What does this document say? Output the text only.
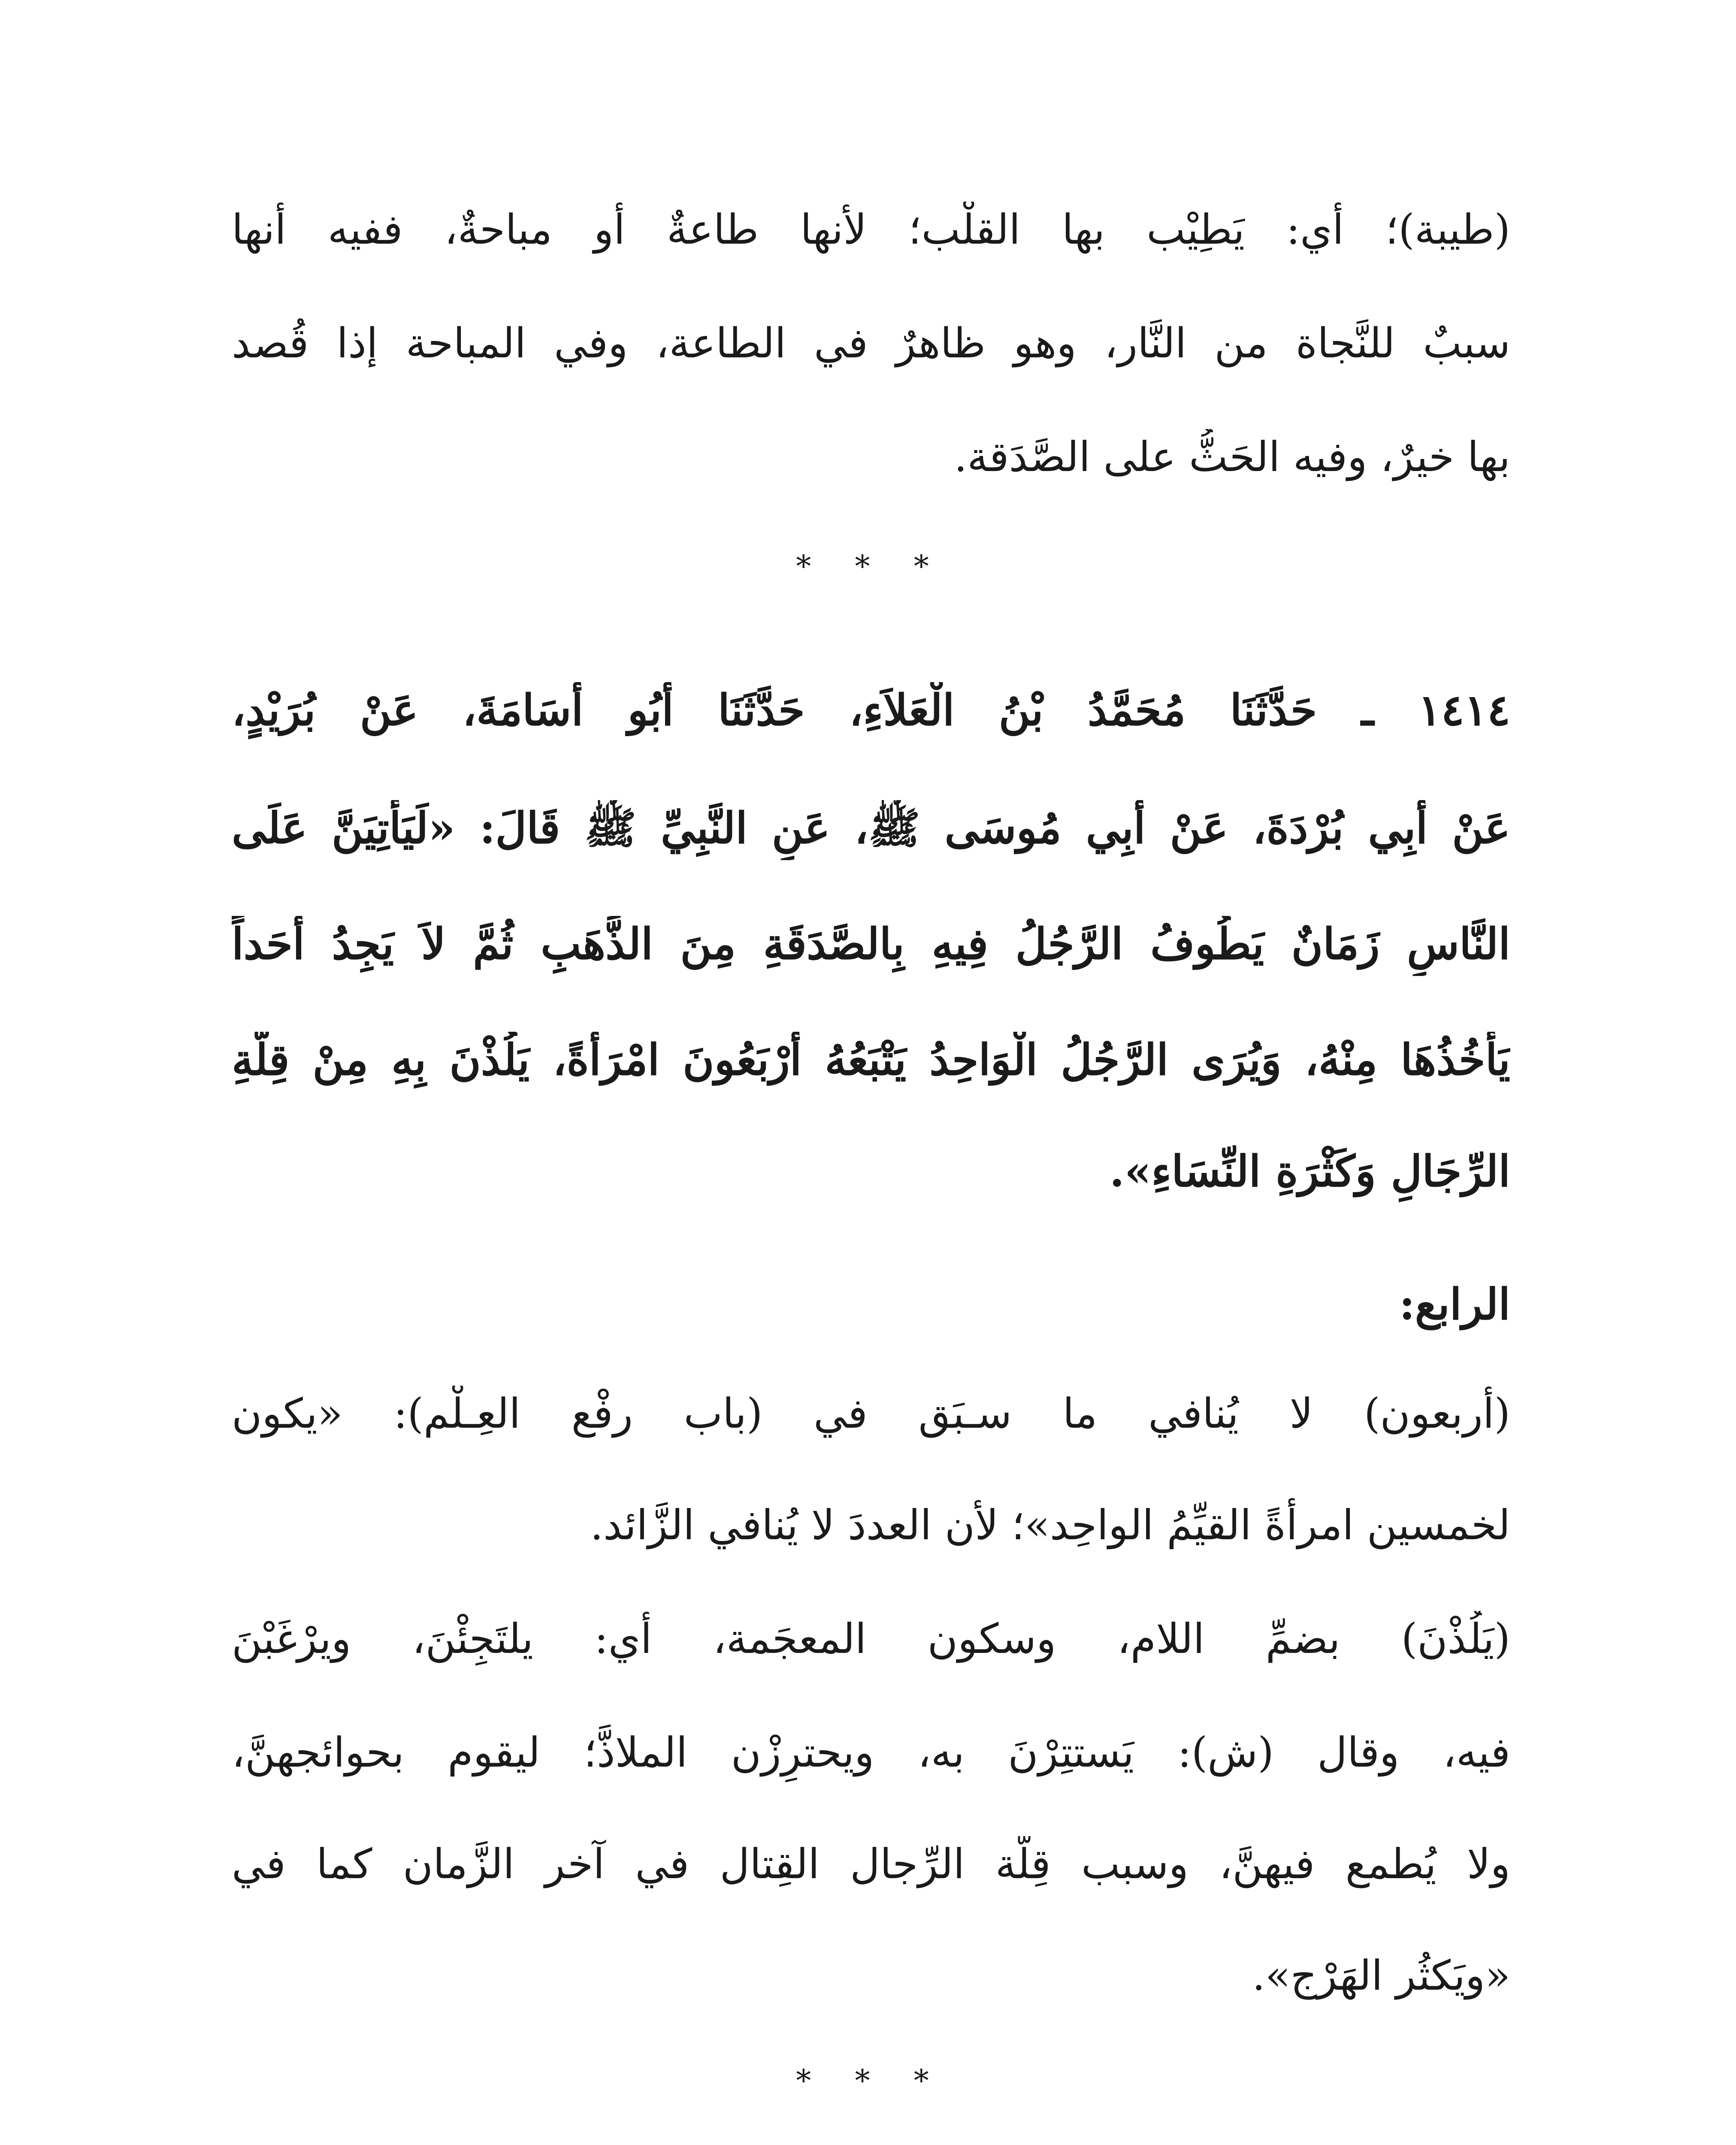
(طيبة)؛ أي: يَطِيْب بها القلْب؛ لأنها طاعةٌ أو مباحةٌ، ففيه أنها
سببٌ للنَّجاة من النَّار، وهو ظاهرٌ في الطاعة، وفي المباحة إذا قُصد
بها خيرٌ، وفيه الحَثُّ على الصَّدَقة.
* * *
١٤١٤ ـ حَدَّثَنَا مُحَمَّدُ بْنُ الْعَلاَءِ، حَدَّثَنَا أَبُو أُسَامَةَ، عَنْ بُرَيْدٍ،
عَنْ أَبِي بُرْدَةَ، عَنْ أَبِي مُوسَى ﷺ، عَنِ النَّبِيِّ ﷺ قَالَ: «لَيَأْتِيَنَّ عَلَى
النَّاسِ زَمَانٌ يَطُوفُ الرَّجُلُ فِيهِ بِالصَّدَقَةِ مِنَ الذَّهَبِ ثُمَّ لاَ يَجِدُ أَحَداً
يَأْخُذُهَا مِنْهُ، وَيُرَى الرَّجُلُ الْوَاحِدُ يَتْبَعُهُ أَرْبَعُونَ امْرَأَةً، يَلُذْنَ بِهِ مِنْ قِلَّةِ
الرِّجَالِ وَكَثْرَةِ النِّسَاءِ».
الرابع:
(أربعون) لا يُنافي ما سـبَق في (باب رفْع العِـلْم): «يكون
لخمسين امرأةً القيِّمُ الواحِد»؛ لأن العددَ لا يُنافي الزَّائد.
(يَلُذْنَ) بضمِّ اللام، وسكون المعجَمة، أي: يلتَجِئْنَ، ويرْغَبْنَ
فيه، وقال (ش): يَستتِرْنَ به، ويحترِزْن الملاذَّ؛ ليقوم بحوائجهنَّ،
ولا يُطمع فيهنَّ، وسبب قِلَّة الرِّجال القِتال في آخر الزَّمان كما في
«ويَكثُر الهَرْج».
* * *
